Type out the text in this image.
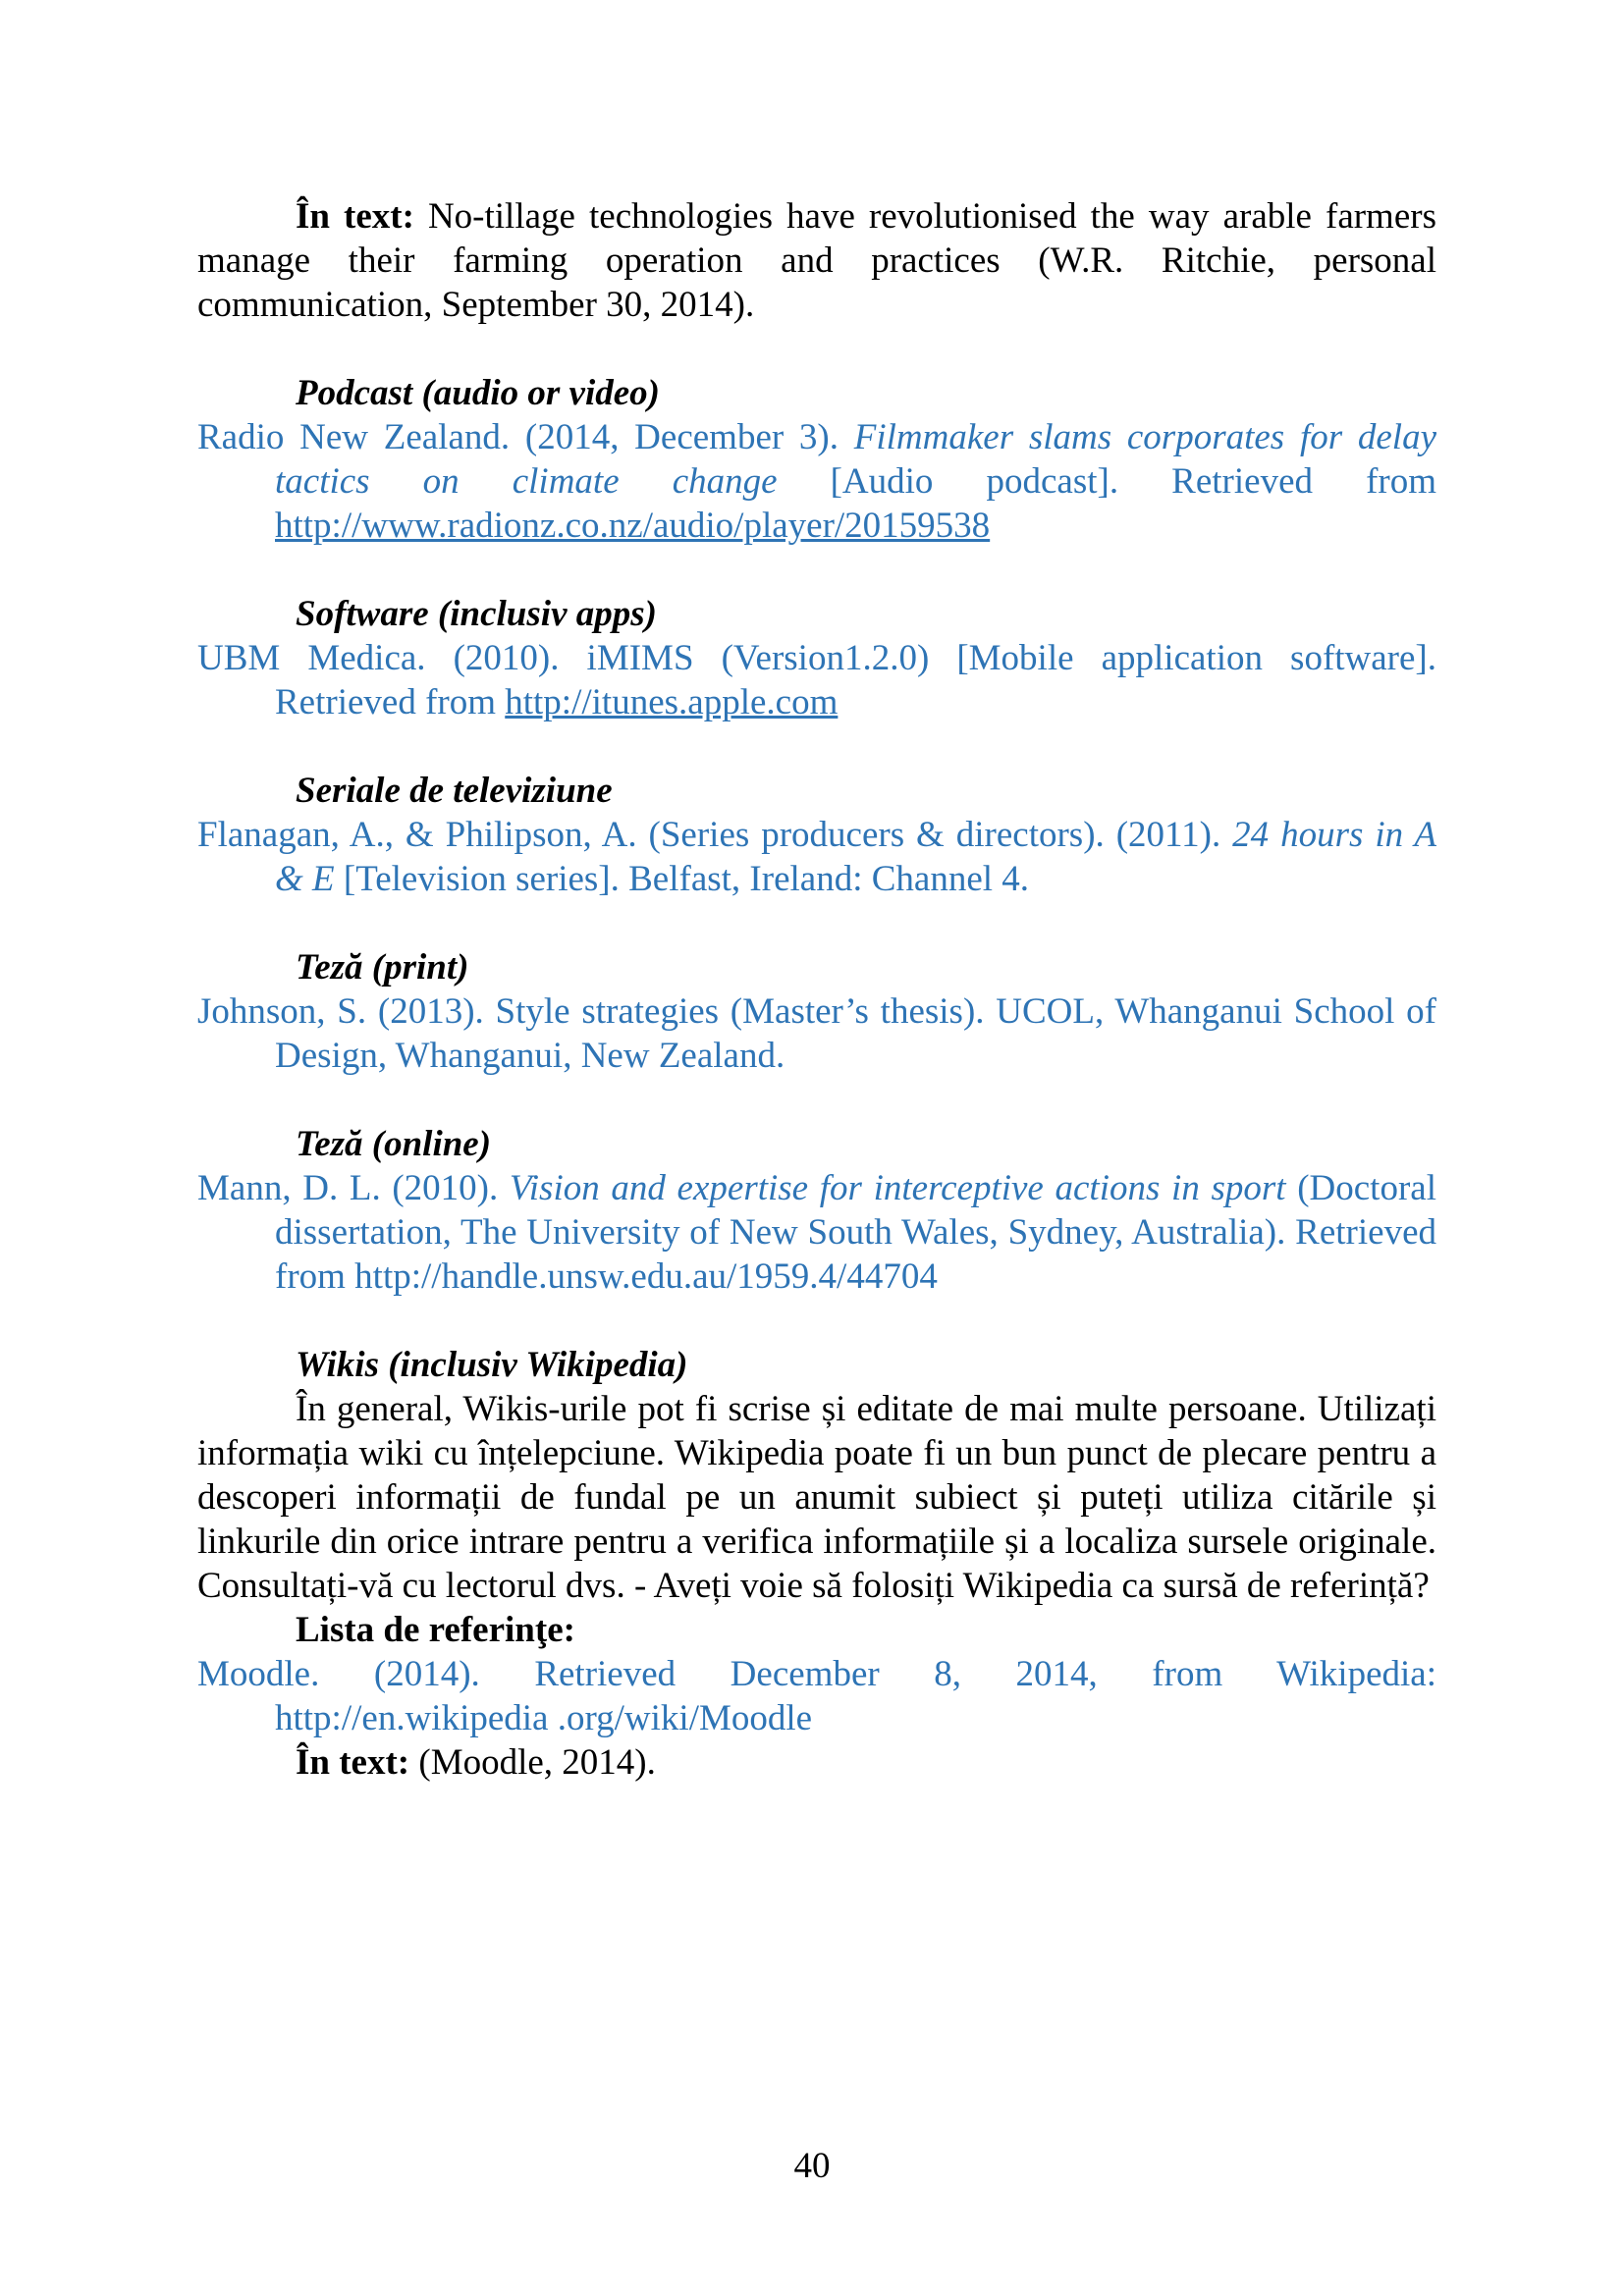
În text: No-tillage technologies have revolutionised the way arable farmers manage their farming operation and practices (W.R. Ritchie, personal communication, September 30, 2014).

Podcast (audio or video)

Radio New Zealand. (2014, December 3). Filmmaker slams corporates for delay tactics on climate change [Audio podcast]. Retrieved from http://www.radionz.co.nz/audio/player/20159538

Software (inclusiv apps)

UBM Medica. (2010). iMIMS (Version1.2.0) [Mobile application software]. Retrieved from http://itunes.apple.com

Seriale de televiziune

Flanagan, A., & Philipson, A. (Series producers & directors). (2011). 24 hours in A & E [Television series]. Belfast, Ireland: Channel 4.

Teză (print)

Johnson, S. (2013). Style strategies (Master’s thesis). UCOL, Whanganui School of Design, Whanganui, New Zealand.

Teză (online)

Mann, D. L. (2010). Vision and expertise for interceptive actions in sport (Doctoral dissertation, The University of New South Wales, Sydney, Australia). Retrieved from http://handle.unsw.edu.au/1959.4/44704

Wikis (inclusiv Wikipedia)

În general, Wikis-urile pot fi scrise și editate de mai multe persoane. Utilizați informația wiki cu înțelepciune. Wikipedia poate fi un bun punct de plecare pentru a descoperi informații de fundal pe un anumit subiect și puteți utiliza citările și linkurile din orice intrare pentru a verifica informațiile și a localiza sursele originale. Consultați-vă cu lectorul dvs. - Aveți voie să folosiți Wikipedia ca sursă de referință?

Lista de referinţe:

Moodle. (2014). Retrieved December 8, 2014, from Wikipedia:

http://en.wikipedia .org/wiki/Moodle

În text: (Moodle, 2014).

40
